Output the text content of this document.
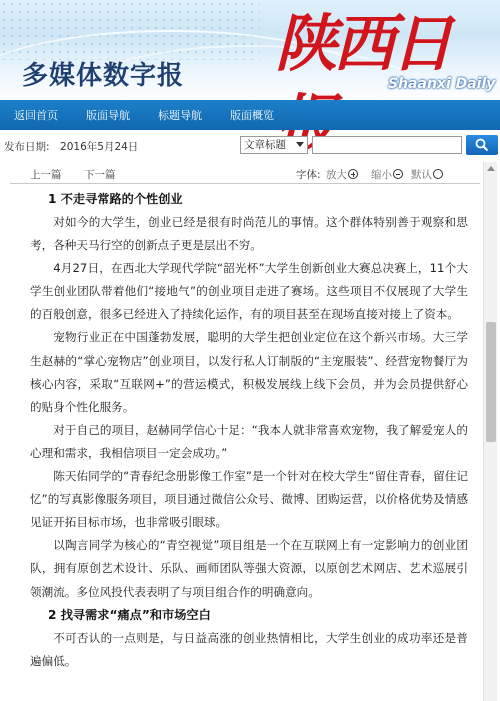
多媒体数字报 陕西日
Shaanxi Daily
返回首页	版面导航	标题导航	版面概览
发布日期:　2016年5月24日	文章标题
上一篇 下一篇	字体: 放大	缩小	默认
1 不走寻常路的个性创业

对如今的大学生，创业已经是很有时尚范儿的事情。这个群体特别善于观察和思考，各种天马行空的创新点子更是层出不穷。

4月27日，在西北大学现代学院“韶光杯”大学生创新创业大赛总决赛上，11个大学生创业团队带着他们“接地气”的创业项目走进了赛场。这些项目不仅展现了大学生的百般创意，很多已经进入了持续化运作，有的项目甚至在现场直接对接上了资本。

宠物行业正在中国蓬勃发展，聪明的大学生把创业定位在这个新兴市场。大三学生赵赫的“掌心宠物店”创业项目，以发行私人订制版的“主宠服装”、经营宠物餐厅为核心内容，采取“互联网+”的营运模式，积极发展线上线下会员，并为会员提供舒心的贴身个性化服务。

对于自己的项目，赵赫同学信心十足：“我本人就非常喜欢宠物，我了解爱宠人的心理和需求，我相信项目一定会成功。”

陈天佑同学的“青春纪念册影像工作室”是一个针对在校大学生“留住青春，留住记忆”的写真影像服务项目，项目通过微信公众号、微博、团购运营，以价格优势及情感见证开拓目标市场，也非常吸引眼球。

以陶言同学为核心的“青空视觉”项目组是一个在互联网上有一定影响力的创业团队，拥有原创艺术设计、乐队、画师团队等强大资源，以原创艺术网店、艺术巡展引领潮流。多位风投代表表明了与项目组合作的明确意向。

2 找寻需求“痛点”和市场空白

不可否认的一点则是，与日益高涨的创业热情相比，大学生创业的成功率还是普遍偏低。
